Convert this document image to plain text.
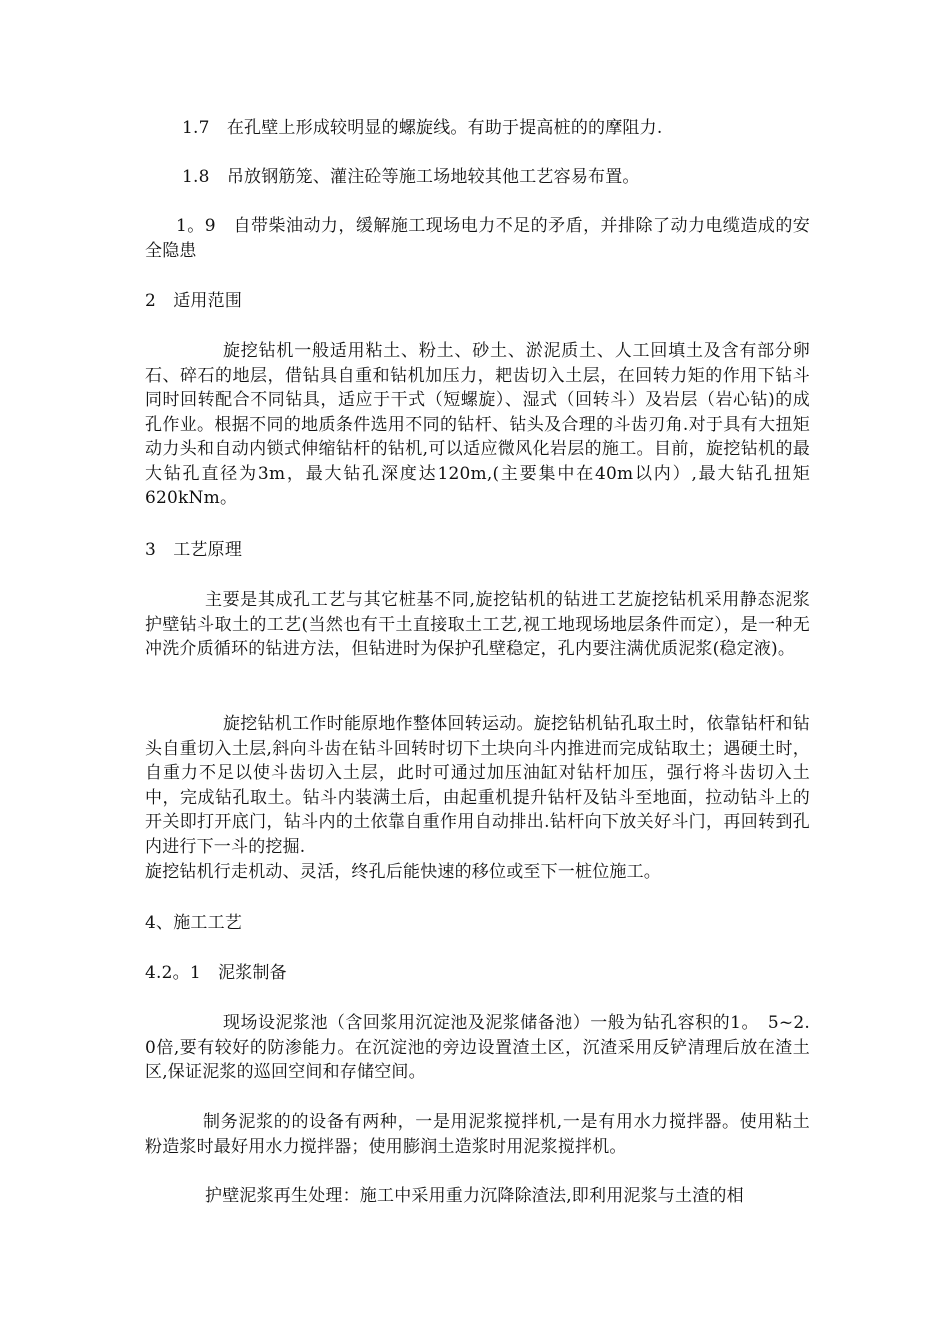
1.7　在孔壁上形成较明显的螺旋线。有助于提高桩的的摩阻力.

1.8　吊放钢筋笼、灌注砼等施工场地较其他工艺容易布置。

1。9　自带柴油动力，缓解施工现场电力不足的矛盾，并排除了动力电缆造成的安全隐患

2　适用范围

旋挖钻机一般适用粘土、粉土、砂土、淤泥质土、人工回填土及含有部分卵石、碎石的地层，借钻具自重和钻机加压力，耙齿切入土层，在回转力矩的作用下钻斗同时回转配合不同钻具，适应于干式（短螺旋）、湿式（回转斗）及岩层（岩心钻)的成孔作业。根据不同的地质条件选用不同的钻杆、钻头及合理的斗齿刃角.对于具有大扭矩动力头和自动内锁式伸缩钻杆的钻机,可以适应微风化岩层的施工。目前，旋挖钻机的最大钻孔直径为3m，最大钻孔深度达120m,(主要集中在40m以内）,最大钻孔扭矩620kNm。

3　工艺原理

主要是其成孔工艺与其它桩基不同,旋挖钻机的钻进工艺旋挖钻机采用静态泥浆护壁钻斗取土的工艺(当然也有干土直接取土工艺,视工地现场地层条件而定），是一种无冲洗介质循环的钻进方法，但钻进时为保护孔壁稳定，孔内要注满优质泥浆(稳定液)。

旋挖钻机工作时能原地作整体回转运动。旋挖钻机钻孔取土时，依靠钻杆和钻头自重切入土层,斜向斗齿在钻斗回转时切下土块向斗内推进而完成钻取土；遇硬土时，自重力不足以使斗齿切入土层，此时可通过加压油缸对钻杆加压，强行将斗齿切入土中，完成钻孔取土。钻斗内装满土后，由起重机提升钻杆及钻斗至地面，拉动钻斗上的开关即打开底门，钻斗内的土依靠自重作用自动排出.钻杆向下放关好斗门，再回转到孔内进行下一斗的挖掘.

旋挖钻机行走机动、灵活，终孔后能快速的移位或至下一桩位施工。

4、施工工艺

4.2。1　泥浆制备

现场设泥浆池（含回浆用沉淀池及泥浆储备池）一般为钻孔容积的1。　5~2.　0倍,要有较好的防渗能力。在沉淀池的旁边设置渣土区，沉渣采用反铲清理后放在渣土区,保证泥浆的巡回空间和存储空间。

制务泥浆的的设备有两种，一是用泥浆搅拌机,一是有用水力搅拌器。使用粘土粉造浆时最好用水力搅拌器；使用膨润土造浆时用泥浆搅拌机。

护壁泥浆再生处理：施工中采用重力沉降除渣法,即利用泥浆与土渣的相
